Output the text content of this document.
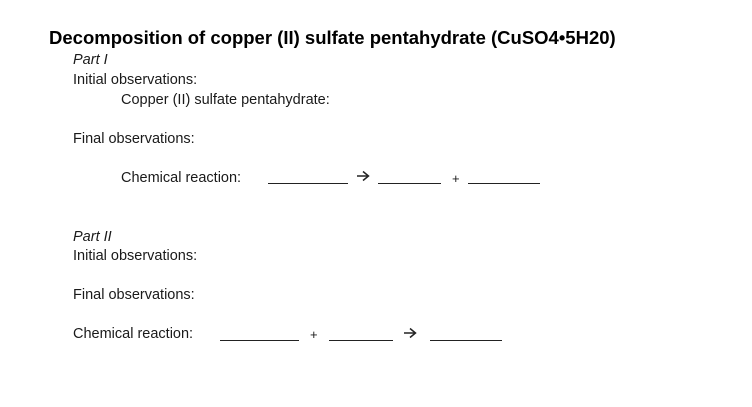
Decomposition of copper (II) sulfate pentahydrate (CuSO4•5H20)
Part I
Initial observations:
Copper (II) sulfate pentahydrate:
Final observations:
Chemical reaction:	+
Part II
Initial observations:
Final observations:
Chemical reaction:	+
